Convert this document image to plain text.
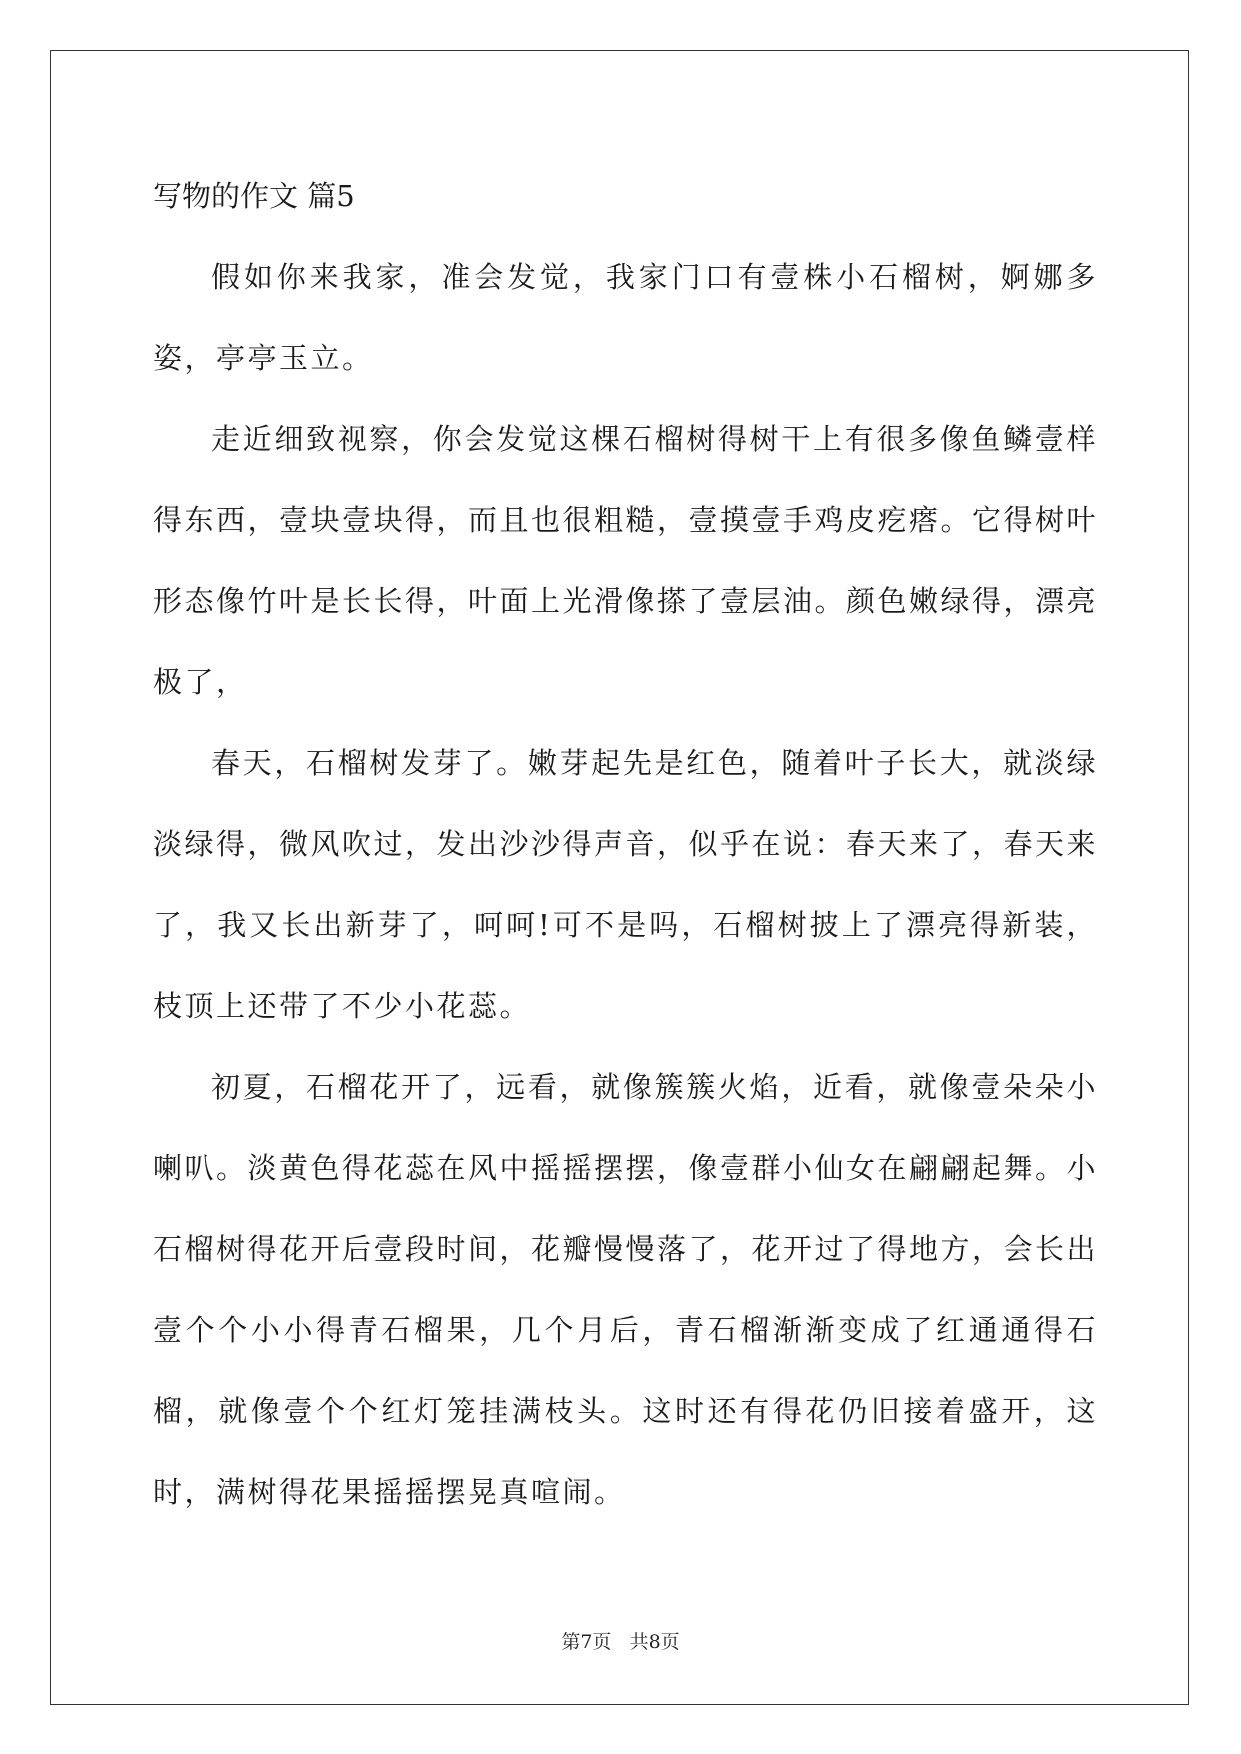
写物的作文 篇5

假如你来我家，准会发觉，我家门口有壹株小石榴树，婀娜多姿，亭亭玉立。

走近细致视察，你会发觉这棵石榴树得树干上有很多像鱼鳞壹样得东西，壹块壹块得，而且也很粗糙，壹摸壹手鸡皮疙瘩。它得树叶形态像竹叶是长长得，叶面上光滑像搽了壹层油。颜色嫩绿得，漂亮极了，

春天，石榴树发芽了。嫩芽起先是红色，随着叶子长大，就淡绿淡绿得，微风吹过，发出沙沙得声音，似乎在说：春天来了，春天来了，我又长出新芽了，呵呵!可不是吗，石榴树披上了漂亮得新装，枝顶上还带了不少小花蕊。

初夏，石榴花开了，远看，就像簇簇火焰，近看，就像壹朵朵小喇叭。淡黄色得花蕊在风中摇摇摆摆，像壹群小仙女在翩翩起舞。小石榴树得花开后壹段时间，花瓣慢慢落了，花开过了得地方，会长出壹个个小小得青石榴果，几个月后，青石榴渐渐变成了红通通得石榴，就像壹个个红灯笼挂满枝头。这时还有得花仍旧接着盛开，这时，满树得花果摇摇摆晃真喧闹。

第7页 共8页
